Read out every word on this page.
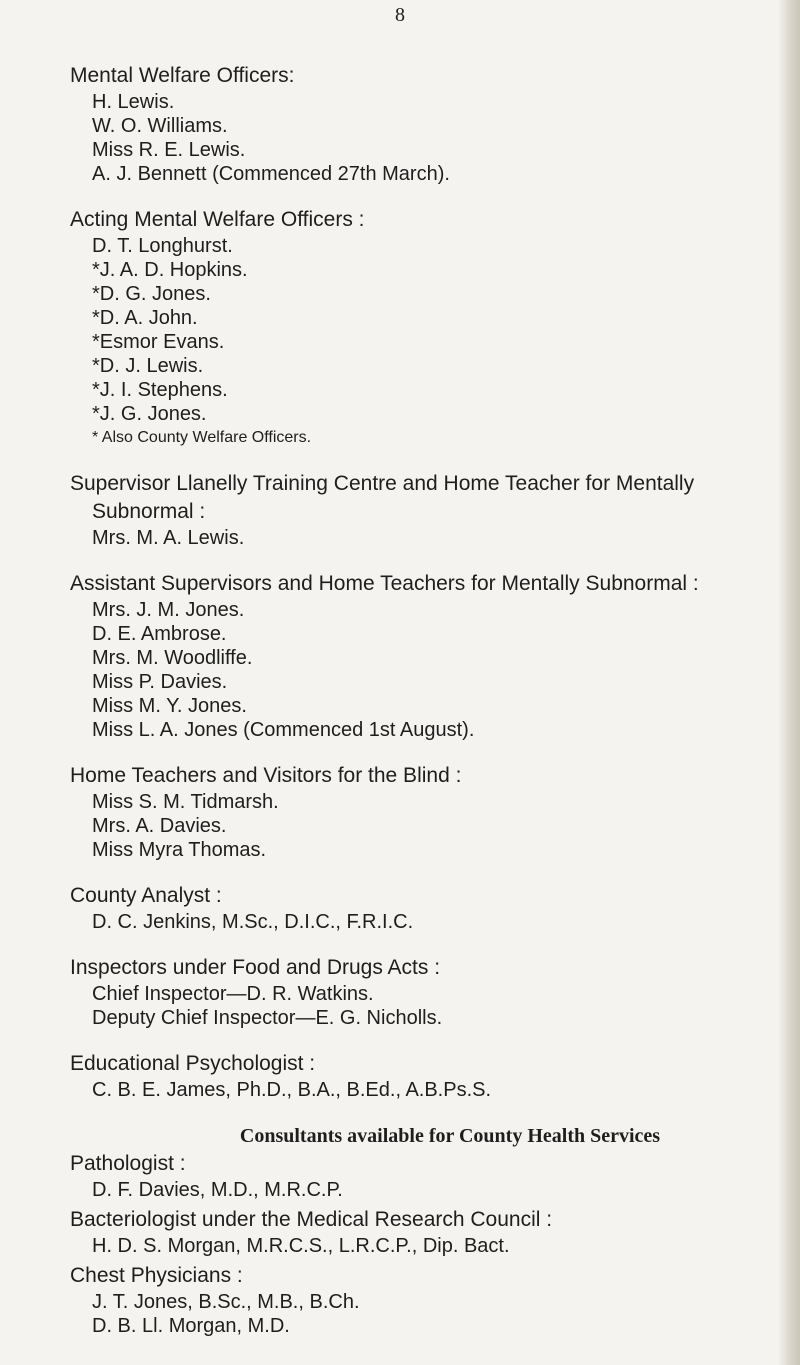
8
Mental Welfare Officers:
H. Lewis.
W. O. Williams.
Miss R. E. Lewis.
A. J. Bennett (Commenced 27th March).
Acting Mental Welfare Officers :
D. T. Longhurst.
*J. A. D. Hopkins.
*D. G. Jones.
*D. A. John.
*Esmor Evans.
*D. J. Lewis.
*J. I. Stephens.
*J. G. Jones.
* Also County Welfare Officers.
Supervisor Llanelly Training Centre and Home Teacher for Mentally
Subnormal :
Mrs. M. A. Lewis.
Assistant Supervisors and Home Teachers for Mentally Subnormal :
Mrs. J. M. Jones.
D. E. Ambrose.
Mrs. M. Woodliffe.
Miss P. Davies.
Miss M. Y. Jones.
Miss L. A. Jones (Commenced 1st August).
Home Teachers and Visitors for the Blind :
Miss S. M. Tidmarsh.
Mrs. A. Davies.
Miss Myra Thomas.
County Analyst :
D. C. Jenkins, M.Sc., D.I.C., F.R.I.C.
Inspectors under Food and Drugs Acts :
Chief Inspector—D. R. Watkins.
Deputy Chief Inspector—E. G. Nicholls.
Educational Psychologist :
C. B. E. James, Ph.D., B.A., B.Ed., A.B.Ps.S.
Consultants available for County Health Services
Pathologist :
D. F. Davies, M.D., M.R.C.P.
Bacteriologist under the Medical Research Council :
H. D. S. Morgan, M.R.C.S., L.R.C.P., Dip. Bact.
Chest Physicians :
J. T. Jones, B.Sc., M.B., B.Ch.
D. B. Ll. Morgan, M.D.
